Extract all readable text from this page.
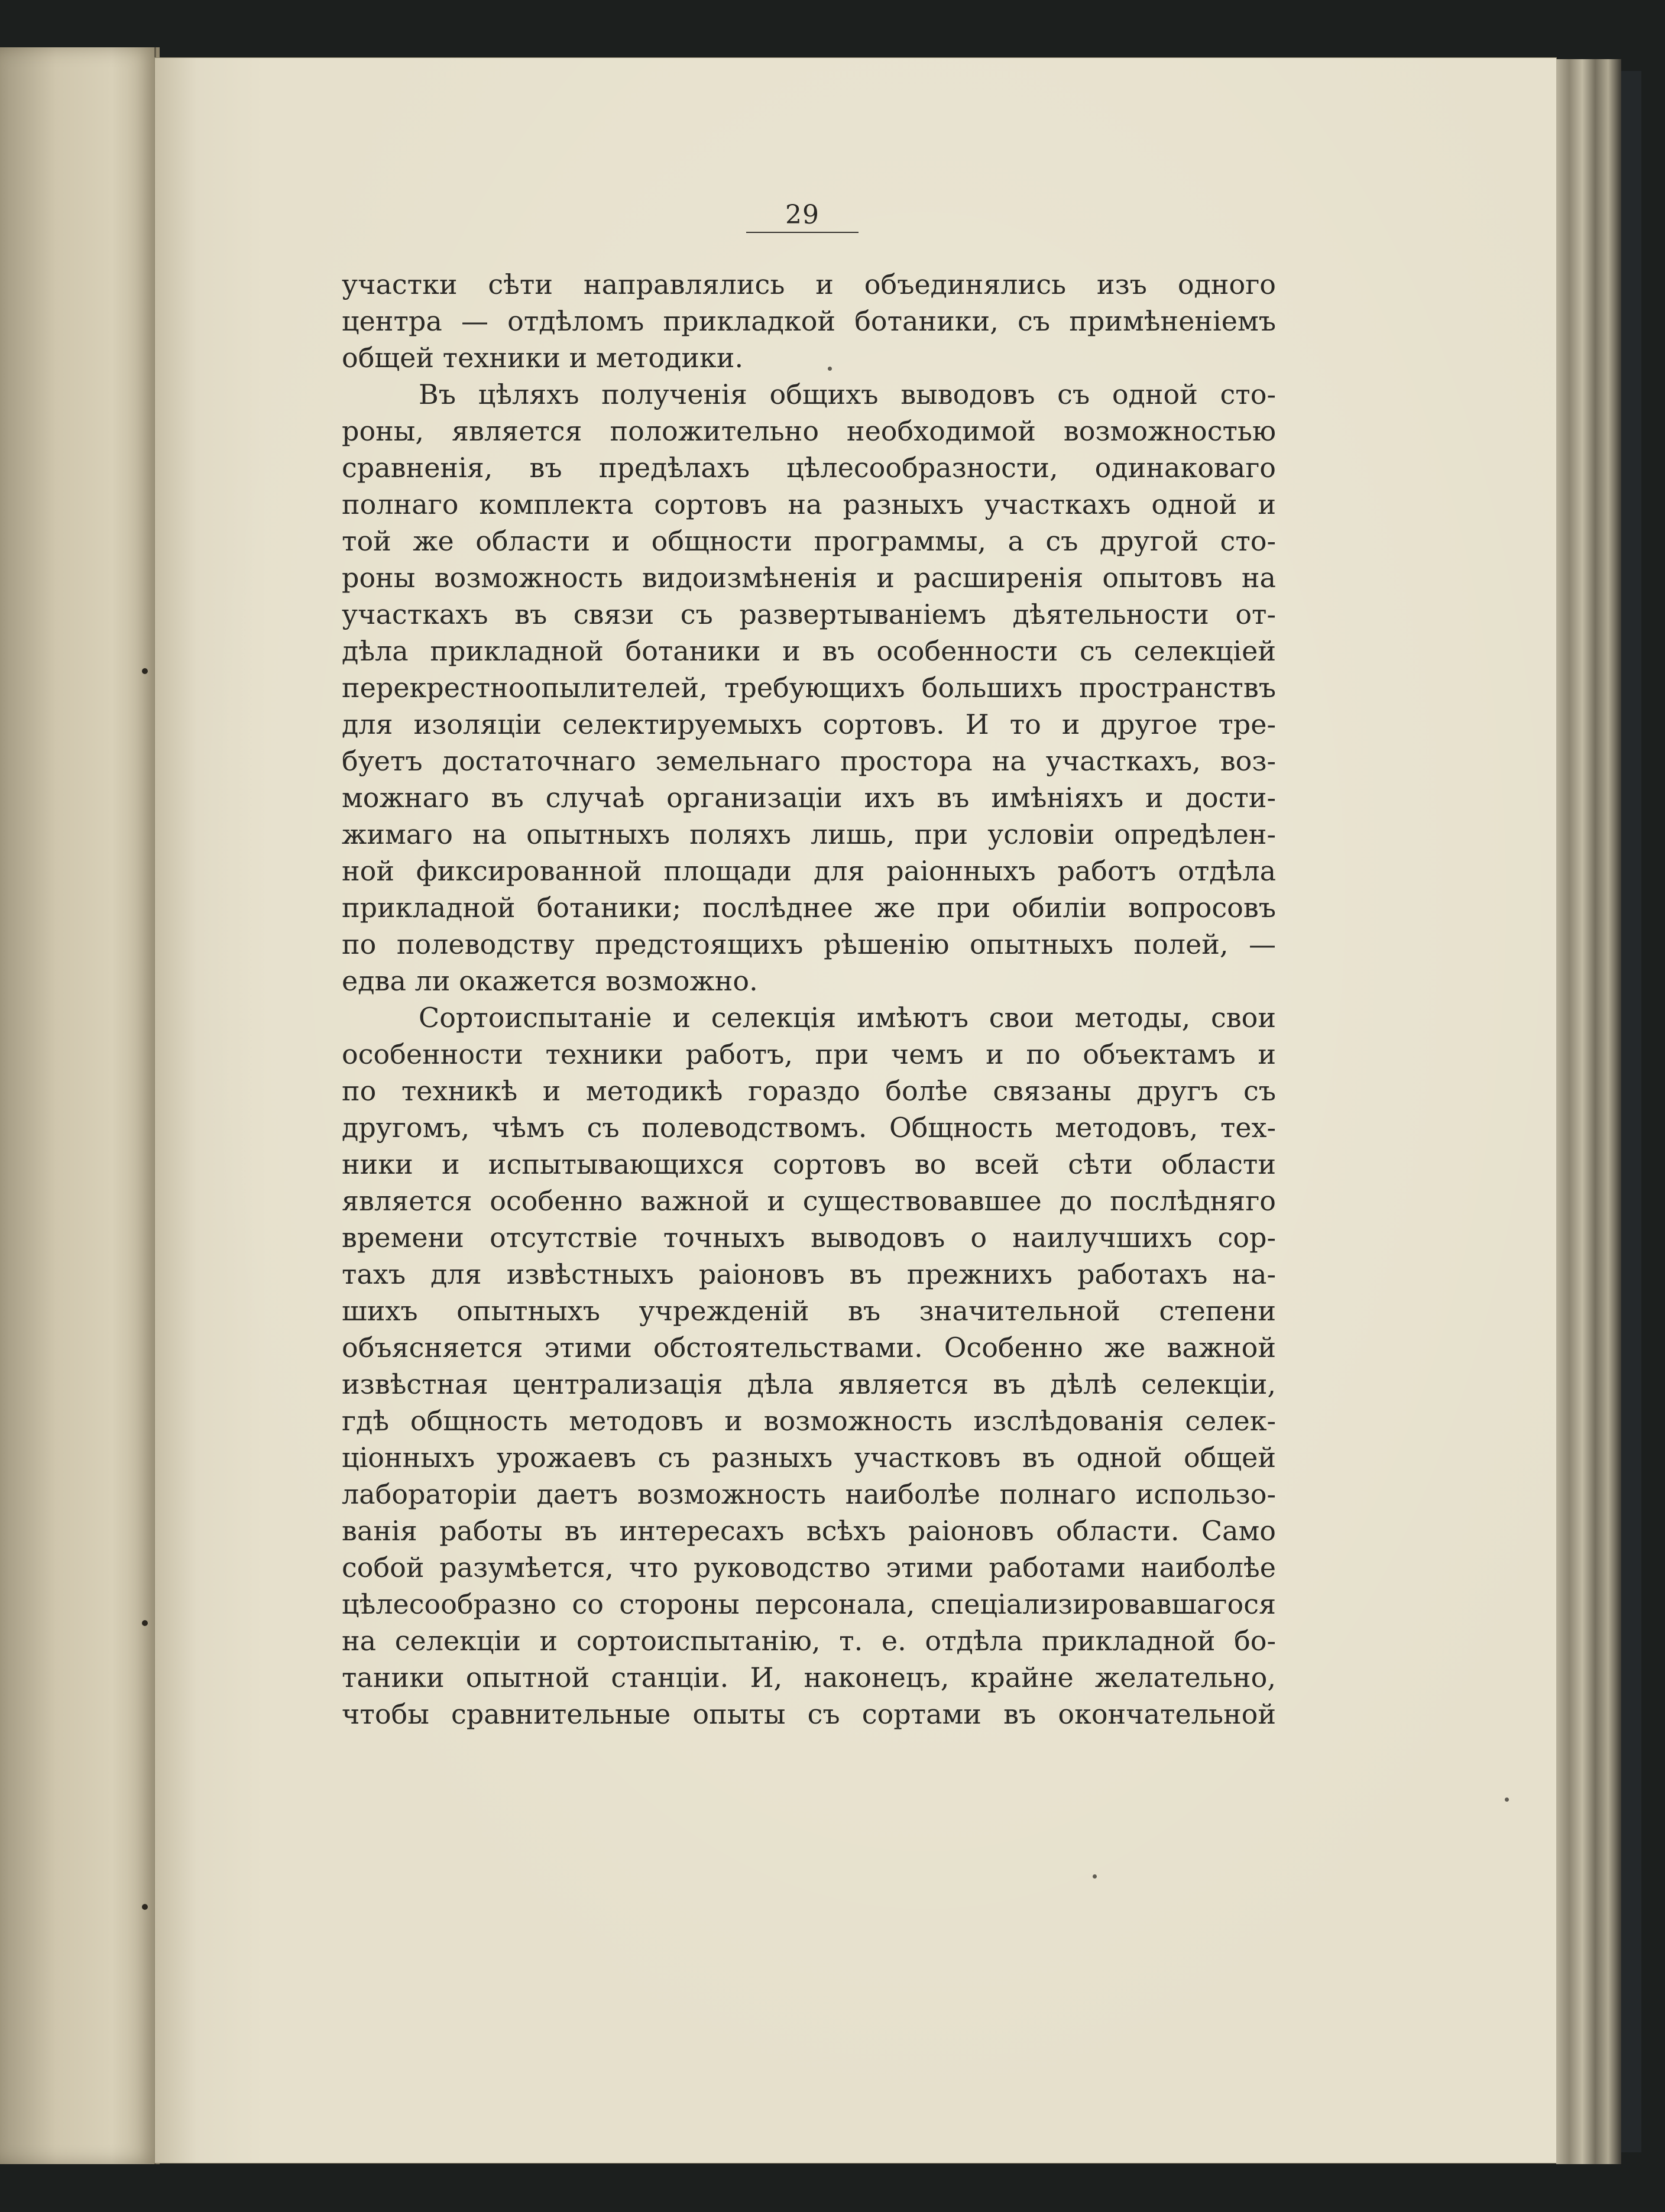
29
участки сѣти направлялись и объединялись изъ одного
центра — отдѣломъ прикладкой ботаники, съ примѣненіемъ
общей техники и методики.
Въ цѣляхъ полученія общихъ выводовъ съ одной сто-
роны, является положительно необходимой возможностью
сравненія, въ предѣлахъ цѣлесообразности, одинаковаго
полнаго комплекта сортовъ на разныхъ участкахъ одной и
той же области и общности программы, а съ другой сто-
роны возможность видоизмѣненія и расширенія опытовъ на
участкахъ въ связи съ развертываніемъ дѣятельности от-
дѣла прикладной ботаники и въ особенности съ селекціей
перекрестноопылителей, требующихъ большихъ пространствъ
для изоляціи селектируемыхъ сортовъ. И то и другое тре-
буетъ достаточнаго земельнаго простора на участкахъ, воз-
можнаго въ случаѣ организаціи ихъ въ имѣніяхъ и дости-
жимаго на опытныхъ поляхъ лишь, при условіи опредѣлен-
ной фиксированной площади для раіонныхъ работъ отдѣла
прикладной ботаники; послѣднее же при обиліи вопросовъ
по полеводству предстоящихъ рѣшенію опытныхъ полей, —
едва ли окажется возможно.
Сортоиспытаніе и селекція имѣютъ свои методы, свои
особенности техники работъ, при чемъ и по объектамъ и
по техникѣ и методикѣ гораздо болѣе связаны другъ съ
другомъ, чѣмъ съ полеводствомъ. Общность методовъ, тех-
ники и испытывающихся сортовъ во всей сѣти области
является особенно важной и существовавшее до послѣдняго
времени отсутствіе точныхъ выводовъ о наилучшихъ сор-
тахъ для извѣстныхъ раіоновъ въ прежнихъ работахъ на-
шихъ опытныхъ учрежденій въ значительной степени
объясняется этими обстоятельствами. Особенно же важной
извѣстная централизація дѣла является въ дѣлѣ селекціи,
гдѣ общность методовъ и возможность изслѣдованія селек-
ціонныхъ урожаевъ съ разныхъ участковъ въ одной общей
лабораторіи даетъ возможность наиболѣе полнаго использо-
ванія работы въ интересахъ всѣхъ раіоновъ области. Само
собой разумѣется, что руководство этими работами наиболѣе
цѣлесообразно со стороны персонала, спеціализировавшагося
на селекціи и сортоиспытанію, т. е. отдѣла прикладной бо-
таники опытной станціи. И, наконецъ, крайне желательно,
чтобы сравнительные опыты съ сортами въ окончательной
